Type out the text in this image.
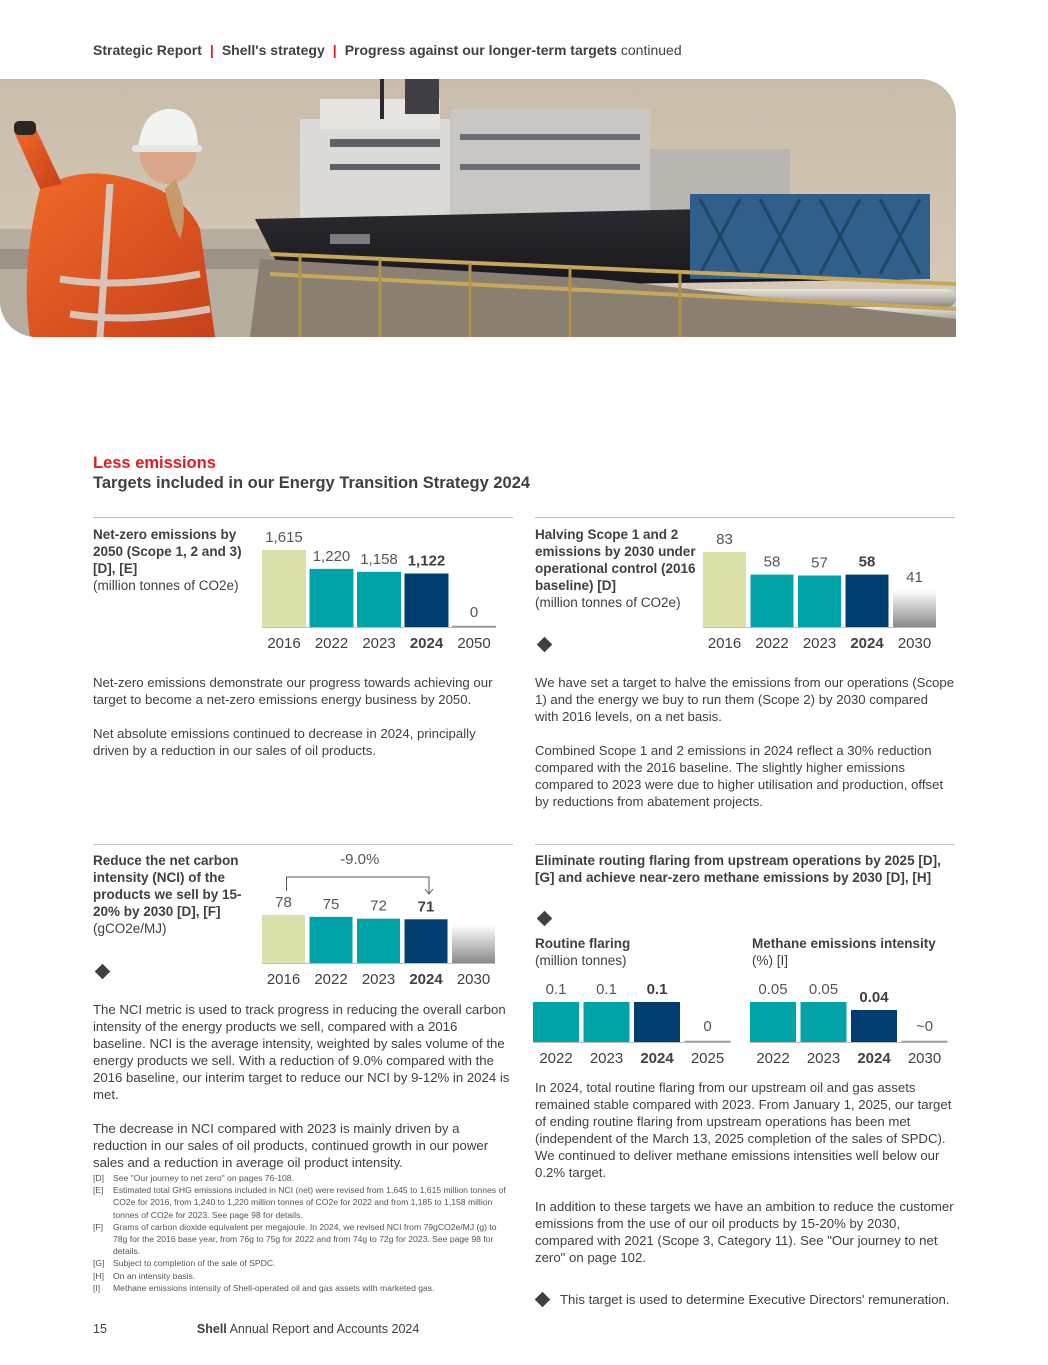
Strategic Report | Shell's strategy | Progress against our longer-term targets continued
Less emissions
Targets included in our Energy Transition Strategy 2024
Net-zero emissions by 2050 (Scope 1, 2 and 3) [D], [E]
(million tonnes of CO2e)
1,615
2016
1,220
2022
1,158
2023
1,122
2024
0
2050

Net-zero emissions demonstrate our progress towards achieving our target to become a net-zero emissions energy business by 2050.

Net absolute emissions continued to decrease in 2024, principally driven by a reduction in our sales of oil products.

Halving Scope 1 and 2 emissions by 2030 under operational control (2016 baseline) [D]
(million tonnes of CO2e)
83
2016
58
2022
57
2023
58
2024
41
2030

We have set a target to halve the emissions from our operations (Scope 1) and the energy we buy to run them (Scope 2) by 2030 compared with 2016 levels, on a net basis.

Combined Scope 1 and 2 emissions in 2024 reflect a 30% reduction compared with the 2016 baseline. The slightly higher emissions compared to 2023 were due to higher utilisation and production, offset by reductions from abatement projects.

Reduce the net carbon intensity (NCI) of the products we sell by 15-20% by 2030 [D], [F]
(gCO2e/MJ)
78
2016
75
2022
72
2023
71
2024 2030
-9.0%

The NCI metric is used to track progress in reducing the overall carbon intensity of the energy products we sell, compared with a 2016 baseline. NCI is the average intensity, weighted by sales volume of the energy products we sell. With a reduction of 9.0% compared with the 2016 baseline, our interim target to reduce our NCI by 9-12% in 2024 is met.

The decrease in NCI compared with 2023 is mainly driven by a reduction in our sales of oil products, continued growth in our power sales and a reduction in average oil product intensity.

Eliminate routing flaring from upstream operations by 2025 [D], [G] and achieve near-zero methane emissions by 2030 [D], [H]
Routine flaring
(million tonnes)
Methane emissions intensity
(%) [I]
0.1
2022
0.1
2023
0.1
2024
0
2025
0.05
2022
0.05
2023
0.04
2024
~0
2030

In 2024, total routine flaring from our upstream oil and gas assets remained stable compared with 2023. From January 1, 2025, our target of ending routine flaring from upstream operations has been met (independent of the March 13, 2025 completion of the sales of SPDC). We continued to deliver methane emissions intensities well below our 0.2% target.

In addition to these targets we have an ambition to reduce the customer emissions from the use of our oil products by 15-20% by 2030, compared with 2021 (Scope 3, Category 11). See "Our journey to net zero" on page 102.

This target is used to determine Executive Directors' remuneration.
[D]	See "Our journey to net zero" on pages 76-108.
[E]	Estimated total GHG emissions included in NCI (net) were revised from 1,645 to 1,615 million tonnes of CO2e for 2016, from 1,240 to 1,220 million tonnes of CO2e for 2022 and from 1,185 to 1,158 million tonnes of CO2e for 2023. See page 98 for details.
[F]	Grams of carbon dioxide equivalent per megajoule. In 2024, we revised NCI from 79gCO2e/MJ (g) to 78g for the 2016 base year, from 76g to 75g for 2022 and from 74g to 72g for 2023. See page 98 for details.
[G] Subject to completion of the sale of SPDC.
[H]	On an intensity basis.
[I]	Methane emissions intensity of Shell-operated oil and gas assets with marketed gas.
15	Shell Annual Report and Accounts 2024
